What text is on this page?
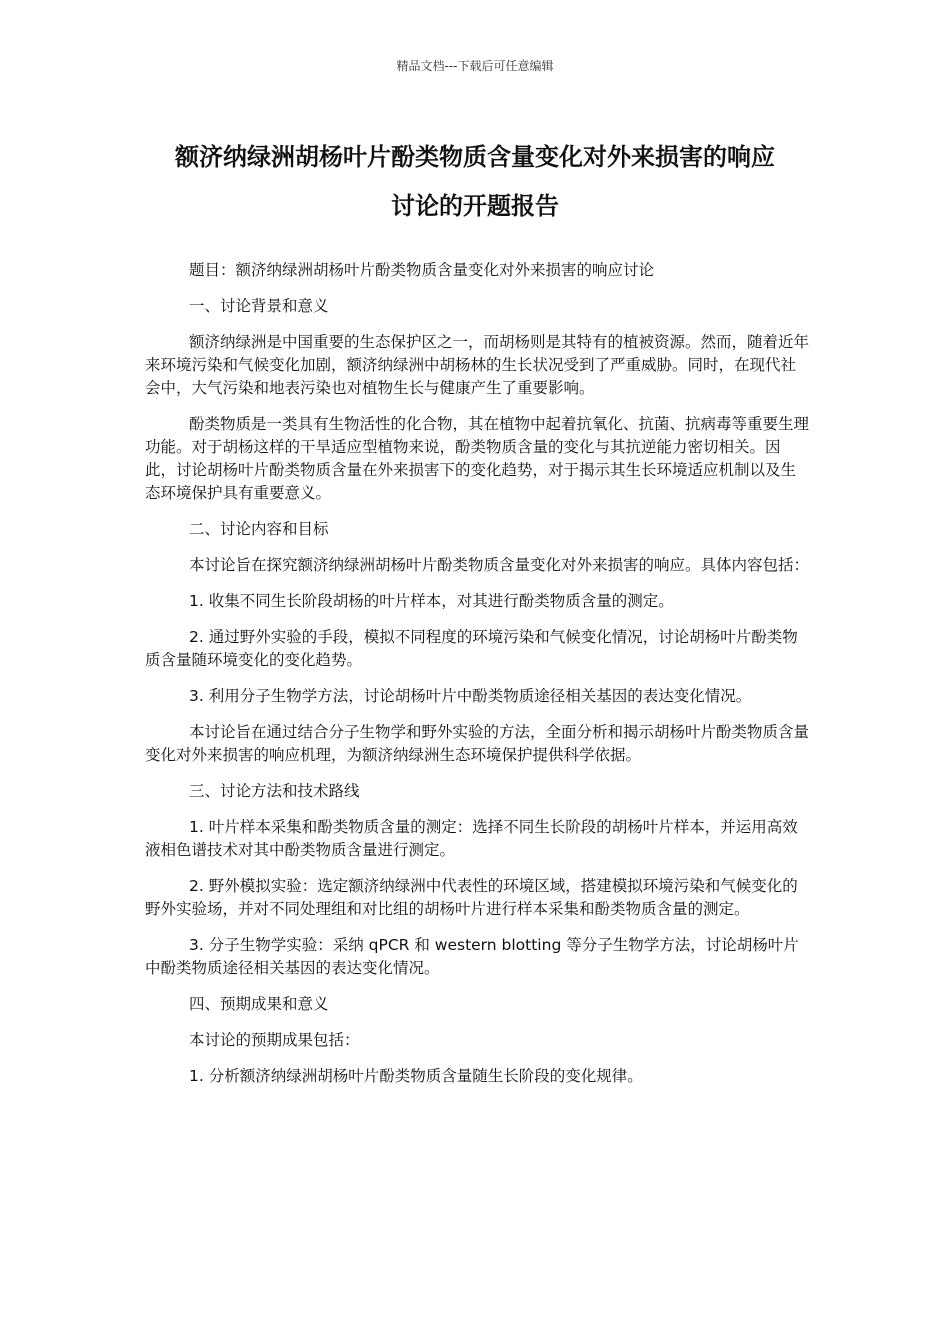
精品文档---下载后可任意编辑
额济纳绿洲胡杨叶片酚类物质含量变化对外来损害的响应
讨论的开题报告

题目：额济纳绿洲胡杨叶片酚类物质含量变化对外来损害的响应讨论

一、讨论背景和意义

额济纳绿洲是中国重要的生态保护区之一，而胡杨则是其特有的植被资源。然而，随着近年来环境污染和气候变化加剧，额济纳绿洲中胡杨林的生长状况受到了严重威胁。同时，在现代社会中，大气污染和地表污染也对植物生长与健康产生了重要影响。

酚类物质是一类具有生物活性的化合物，其在植物中起着抗氧化、抗菌、抗病毒等重要生理功能。对于胡杨这样的干旱适应型植物来说，酚类物质含量的变化与其抗逆能力密切相关。因此，讨论胡杨叶片酚类物质含量在外来损害下的变化趋势，对于揭示其生长环境适应机制以及生态环境保护具有重要意义。

二、讨论内容和目标

本讨论旨在探究额济纳绿洲胡杨叶片酚类物质含量变化对外来损害的响应。具体内容包括：

1. 收集不同生长阶段胡杨的叶片样本，对其进行酚类物质含量的测定。

2. 通过野外实验的手段，模拟不同程度的环境污染和气候变化情况，讨论胡杨叶片酚类物质含量随环境变化的变化趋势。

3. 利用分子生物学方法，讨论胡杨叶片中酚类物质途径相关基因的表达变化情况。

本讨论旨在通过结合分子生物学和野外实验的方法，全面分析和揭示胡杨叶片酚类物质含量变化对外来损害的响应机理，为额济纳绿洲生态环境保护提供科学依据。

三、讨论方法和技术路线

1. 叶片样本采集和酚类物质含量的测定：选择不同生长阶段的胡杨叶片样本，并运用高效液相色谱技术对其中酚类物质含量进行测定。

2. 野外模拟实验：选定额济纳绿洲中代表性的环境区域，搭建模拟环境污染和气候变化的野外实验场，并对不同处理组和对比组的胡杨叶片进行样本采集和酚类物质含量的测定。

3. 分子生物学实验：采纳 qPCR 和 western blotting 等分子生物学方法，讨论胡杨叶片中酚类物质途径相关基因的表达变化情况。

四、预期成果和意义

本讨论的预期成果包括：

1. 分析额济纳绿洲胡杨叶片酚类物质含量随生长阶段的变化规律。
